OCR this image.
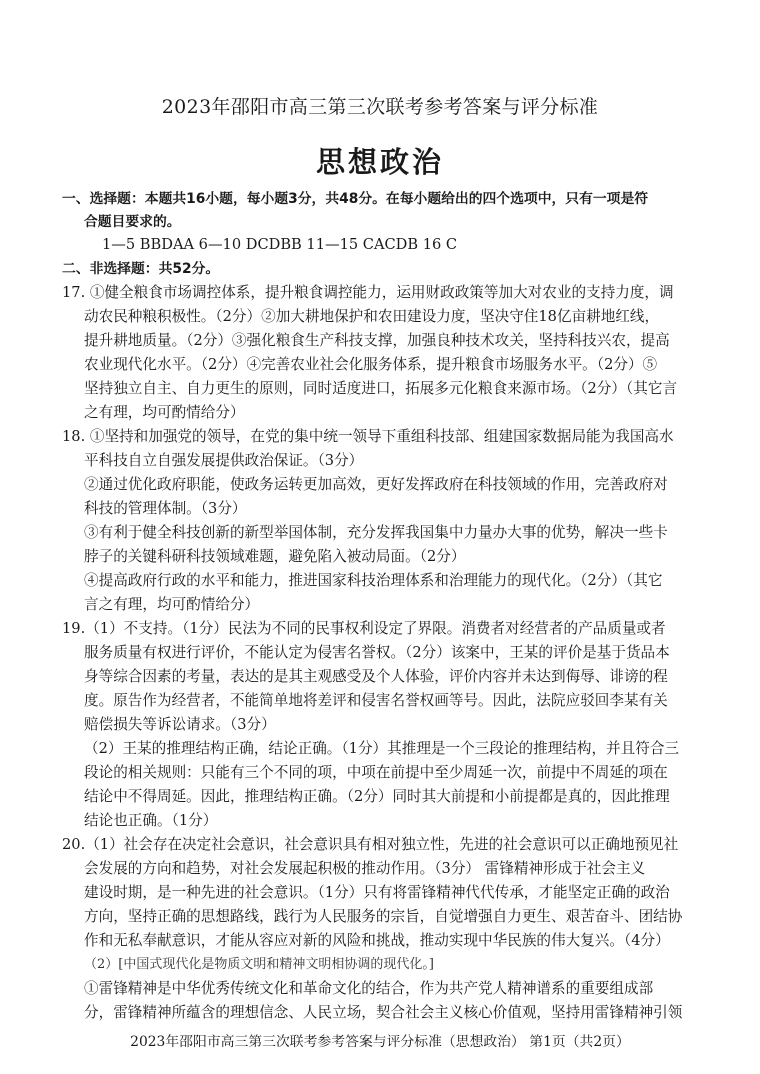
2023年邵阳市高三第三次联考参考答案与评分标准
思想政治
一、选择题：本题共16小题，每小题3分，共48分。在每小题给出的四个选项中，只有一项是符
合题目要求的。
1—5 BBDAA 6—10 DCDBB 11—15 CACDB 16 C
二、非选择题：共52分。
17. ①健全粮食市场调控体系，提升粮食调控能力，运用财政政策等加大对农业的支持力度，调
动农民种粮积极性。（2分）②加大耕地保护和农田建设力度，坚决守住18亿亩耕地红线，
提升耕地质量。（2分）③强化粮食生产科技支撑，加强良种技术攻关，坚持科技兴农，提高
农业现代化水平。（2分）④完善农业社会化服务体系，提升粮食市场服务水平。（2分）⑤
坚持独立自主、自力更生的原则，同时适度进口，拓展多元化粮食来源市场。（2分）（其它言
之有理，均可酌情给分）
18. ①坚持和加强党的领导，在党的集中统一领导下重组科技部、组建国家数据局能为我国高水
平科技自立自强发展提供政治保证。（3分）
②通过优化政府职能，使政务运转更加高效，更好发挥政府在科技领域的作用，完善政府对
科技的管理体制。（3分）
③有利于健全科技创新的新型举国体制，充分发挥我国集中力量办大事的优势，解决一些卡
脖子的关键科研科技领域难题，避免陷入被动局面。（2分）
④提高政府行政的水平和能力，推进国家科技治理体系和治理能力的现代化。（2分）（其它
言之有理，均可酌情给分）
19.（1）不支持。（1分）民法为不同的民事权利设定了界限。消费者对经营者的产品质量或者
服务质量有权进行评价，不能认定为侵害名誉权。（2分）该案中，王某的评价是基于货品本
身等综合因素的考量，表达的是其主观感受及个人体验，评价内容并未达到侮辱、诽谤的程
度。原告作为经营者，不能简单地将差评和侵害名誉权画等号。因此，法院应驳回李某有关
赔偿损失等诉讼请求。（3分）
（2）王某的推理结构正确，结论正确。（1分）其推理是一个三段论的推理结构，并且符合三
段论的相关规则：只能有三个不同的项，中项在前提中至少周延一次，前提中不周延的项在
结论中不得周延。因此，推理结构正确。（2分）同时其大前提和小前提都是真的，因此推理
结论也正确。（1分）
20.（1）社会存在决定社会意识，社会意识具有相对独立性，先进的社会意识可以正确地预见社
会发展的方向和趋势，对社会发展起积极的推动作用。（3分） 雷锋精神形成于社会主义
建设时期，是一种先进的社会意识。（1分）只有将雷锋精神代代传承，才能坚定正确的政治
方向，坚持正确的思想路线，践行为人民服务的宗旨，自觉增强自力更生、艰苦奋斗、团结协
作和无私奉献意识，才能从容应对新的风险和挑战，推动实现中华民族的伟大复兴。（4分）
（2）[中国式现代化是物质文明和精神文明相协调的现代化。]
①雷锋精神是中华优秀传统文化和革命文化的结合，作为共产党人精神谱系的重要组成部
分，雷锋精神所蕴含的理想信念、人民立场，契合社会主义核心价值观，坚持用雷锋精神引领
2023年邵阳市高三第三次联考参考答案与评分标准（思想政治） 第1页（共2页）
